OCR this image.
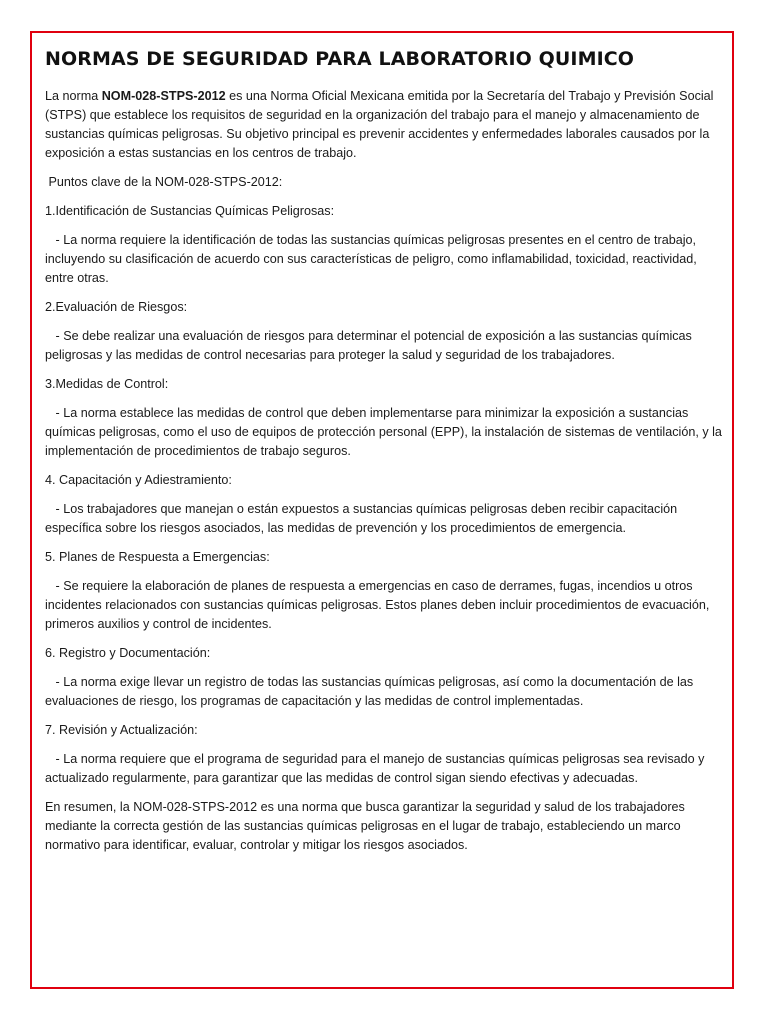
NORMAS DE SEGURIDAD PARA LABORATORIO QUIMICO

La norma NOM-028-STPS-2012 es una Norma Oficial Mexicana emitida por la Secretaría del Trabajo y Previsión Social (STPS) que establece los requisitos de seguridad en la organización del trabajo para el manejo y almacenamiento de sustancias químicas peligrosas. Su objetivo principal es prevenir accidentes y enfermedades laborales causados por la exposición a estas sustancias en los centros de trabajo.

Puntos clave de la NOM-028-STPS-2012:

1.Identificación de Sustancias Químicas Peligrosas:

- La norma requiere la identificación de todas las sustancias químicas peligrosas presentes en el centro de trabajo, incluyendo su clasificación de acuerdo con sus características de peligro, como inflamabilidad, toxicidad, reactividad, entre otras.

2.Evaluación de Riesgos:

- Se debe realizar una evaluación de riesgos para determinar el potencial de exposición a las sustancias químicas peligrosas y las medidas de control necesarias para proteger la salud y seguridad de los trabajadores.

3.Medidas de Control:

- La norma establece las medidas de control que deben implementarse para minimizar la exposición a sustancias químicas peligrosas, como el uso de equipos de protección personal (EPP), la instalación de sistemas de ventilación, y la implementación de procedimientos de trabajo seguros.

4. Capacitación y Adiestramiento:

- Los trabajadores que manejan o están expuestos a sustancias químicas peligrosas deben recibir capacitación específica sobre los riesgos asociados, las medidas de prevención y los procedimientos de emergencia.

5. Planes de Respuesta a Emergencias:

- Se requiere la elaboración de planes de respuesta a emergencias en caso de derrames, fugas, incendios u otros incidentes relacionados con sustancias químicas peligrosas. Estos planes deben incluir procedimientos de evacuación, primeros auxilios y control de incidentes.

6. Registro y Documentación:

- La norma exige llevar un registro de todas las sustancias químicas peligrosas, así como la documentación de las evaluaciones de riesgo, los programas de capacitación y las medidas de control implementadas.

7. Revisión y Actualización:

- La norma requiere que el programa de seguridad para el manejo de sustancias químicas peligrosas sea revisado y actualizado regularmente, para garantizar que las medidas de control sigan siendo efectivas y adecuadas.

En resumen, la NOM-028-STPS-2012 es una norma que busca garantizar la seguridad y salud de los trabajadores mediante la correcta gestión de las sustancias químicas peligrosas en el lugar de trabajo, estableciendo un marco normativo para identificar, evaluar, controlar y mitigar los riesgos asociados.
